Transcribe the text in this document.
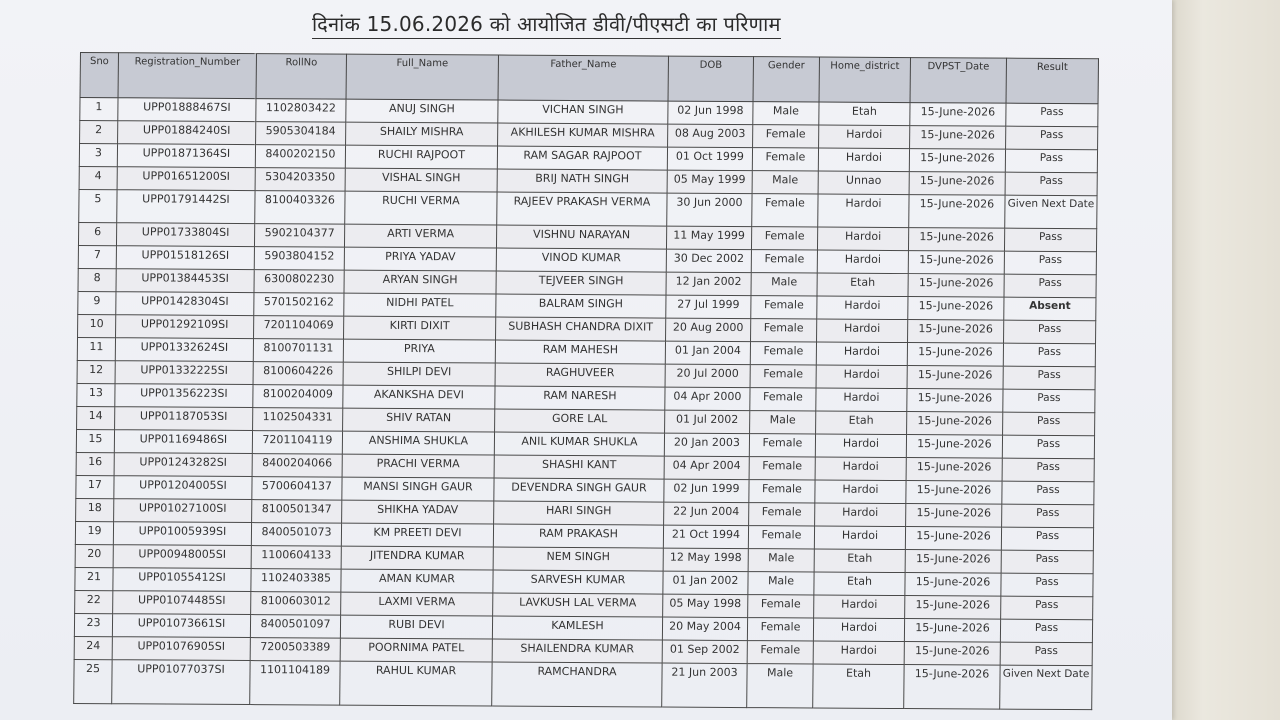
दिनांक 15.06.2026 को आयोजित डीवी/पीएसटी का परिणाम
Sno	Registration_Number	RollNo	Full_Name	Father_Name	DOB	Gender	Home_district	DVPST_Date	Result
1	UPP01888467SI	1102803422	ANUJ SINGH	VICHAN SINGH	02 Jun 1998	Male	Etah	15-June-2026	Pass
2	UPP01884240SI	5905304184	SHAILY MISHRA	AKHILESH KUMAR MISHRA	08 Aug 2003	Female	Hardoi	15-June-2026	Pass
3	UPP01871364SI	8400202150	RUCHI RAJPOOT	RAM SAGAR RAJPOOT	01 Oct 1999	Female	Hardoi	15-June-2026	Pass
4	UPP01651200SI	5304203350	VISHAL SINGH	BRIJ NATH SINGH	05 May 1999	Male	Unnao	15-June-2026	Pass
5	UPP01791442SI	8100403326	RUCHI VERMA	RAJEEV PRAKASH VERMA	30 Jun 2000	Female	Hardoi	15-June-2026	Given Next Date
6	UPP01733804SI	5902104377	ARTI VERMA	VISHNU NARAYAN	11 May 1999	Female	Hardoi	15-June-2026	Pass
7	UPP01518126SI	5903804152	PRIYA YADAV	VINOD KUMAR	30 Dec 2002	Female	Hardoi	15-June-2026	Pass
8	UPP01384453SI	6300802230	ARYAN SINGH	TEJVEER SINGH	12 Jan 2002	Male	Etah	15-June-2026	Pass
9	UPP01428304SI	5701502162	NIDHI PATEL	BALRAM SINGH	27 Jul 1999	Female	Hardoi	15-June-2026	Absent
10	UPP01292109SI	7201104069	KIRTI DIXIT	SUBHASH CHANDRA DIXIT	20 Aug 2000	Female	Hardoi	15-June-2026	Pass
11	UPP01332624SI	8100701131	PRIYA	RAM MAHESH	01 Jan 2004	Female	Hardoi	15-June-2026	Pass
12	UPP01332225SI	8100604226	SHILPI DEVI	RAGHUVEER	20 Jul 2000	Female	Hardoi	15-June-2026	Pass
13	UPP01356223SI	8100204009	AKANKSHA DEVI	RAM NARESH	04 Apr 2000	Female	Hardoi	15-June-2026	Pass
14	UPP01187053SI	1102504331	SHIV RATAN	GORE LAL	01 Jul 2002	Male	Etah	15-June-2026	Pass
15	UPP01169486SI	7201104119	ANSHIMA SHUKLA	ANIL KUMAR SHUKLA	20 Jan 2003	Female	Hardoi	15-June-2026	Pass
16	UPP01243282SI	8400204066	PRACHI VERMA	SHASHI KANT	04 Apr 2004	Female	Hardoi	15-June-2026	Pass
17	UPP01204005SI	5700604137	MANSI SINGH GAUR	DEVENDRA SINGH GAUR	02 Jun 1999	Female	Hardoi	15-June-2026	Pass
18	UPP01027100SI	8100501347	SHIKHA YADAV	HARI SINGH	22 Jun 2004	Female	Hardoi	15-June-2026	Pass
19	UPP01005939SI	8400501073	KM PREETI DEVI	RAM PRAKASH	21 Oct 1994	Female	Hardoi	15-June-2026	Pass
20	UPP00948005SI	1100604133	JITENDRA KUMAR	NEM SINGH	12 May 1998	Male	Etah	15-June-2026	Pass
21	UPP01055412SI	1102403385	AMAN KUMAR	SARVESH KUMAR	01 Jan 2002	Male	Etah	15-June-2026	Pass
22	UPP01074485SI	8100603012	LAXMI VERMA	LAVKUSH LAL VERMA	05 May 1998	Female	Hardoi	15-June-2026	Pass
23	UPP01073661SI	8400501097	RUBI DEVI	KAMLESH	20 May 2004	Female	Hardoi	15-June-2026	Pass
24	UPP01076905SI	7200503389	POORNIMA PATEL	SHAILENDRA KUMAR	01 Sep 2002	Female	Hardoi	15-June-2026	Pass
25	UPP01077037SI	1101104189	RAHUL KUMAR	RAMCHANDRA	21 Jun 2003	Male	Etah	15-June-2026	Given Next Date
